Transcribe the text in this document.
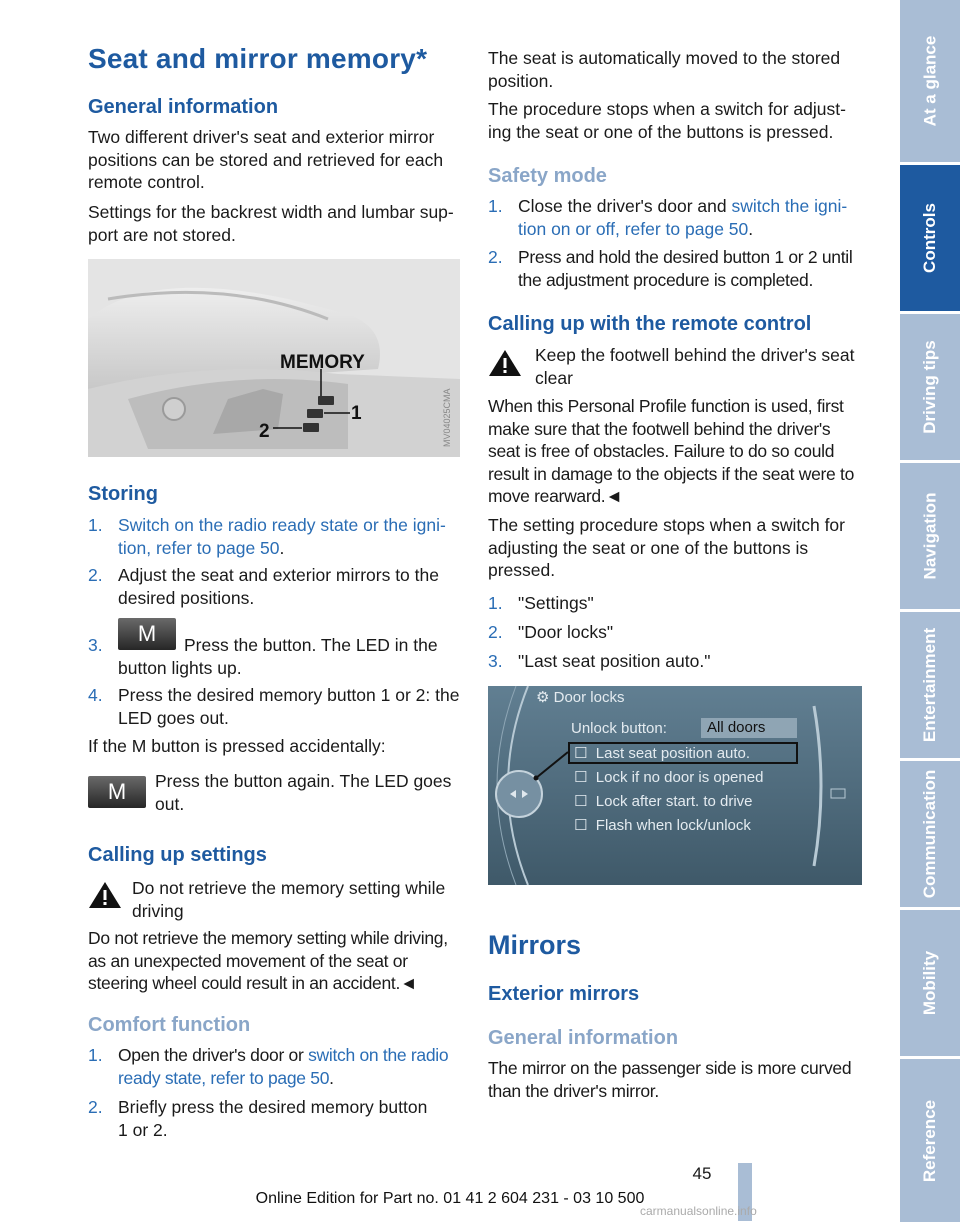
Seat and mirror memory*
General information

Two different driver's seat and exterior mirror positions can be stored and retrieved for each remote control.

Settings for the backrest width and lumbar sup-port are not stored.

MEMORY
1
2	MV04025CMA
Storing
1. Switch on the radio ready state or the igni-tion, refer to page 50.
2. Adjust the seat and exterior mirrors to the desired positions.
3.	M	Press the button. The LED in the button lights up.
4. Press the desired memory button 1 or 2: the LED goes out.

If the M button is pressed accidentally:

M	Press the button again. The LED goes out.

Calling up settings

Do not retrieve the memory setting while driving

Do not retrieve the memory setting while driving, as an unexpected movement of the seat or steering wheel could result in an accident.◄

Comfort function
1. Open the driver's door or switch on the radio ready state, refer to page 50.
2. Briefly press the desired memory button 1 or 2.

The seat is automatically moved to the stored position.

The procedure stops when a switch for adjust-ing the seat or one of the buttons is pressed.

Safety mode
1. Close the driver's door and switch the igni-tion on or off, refer to page 50.
2. Press and hold the desired button 1 or 2 until the adjustment procedure is completed.
Calling up with the remote control

Keep the footwell behind the driver's seat clear

When this Personal Profile function is used, first make sure that the footwell behind the driver's seat is free of obstacles. Failure to do so could result in damage to the objects if the seat were to move rearward.◄

The setting procedure stops when a switch for adjusting the seat or one of the buttons is pressed.

1. "Settings"
2. "Door locks"
3. "Last seat position auto."
⚙ Door locks
Unlock button:	All doors
☐ Last seat position auto.
☐ Lock if no door is opened
☐ Lock after start. to drive
☐ Flash when lock/unlock
Mirrors
Exterior mirrors
General information

The mirror on the passenger side is more curved than the driver's mirror.

At a glance
Controls
Driving tips
Navigation
Entertainment
Communication
Mobility
Reference
45
Online Edition for Part no. 01 41 2 604 231 - 03 10 500
carmanualsonline.info
